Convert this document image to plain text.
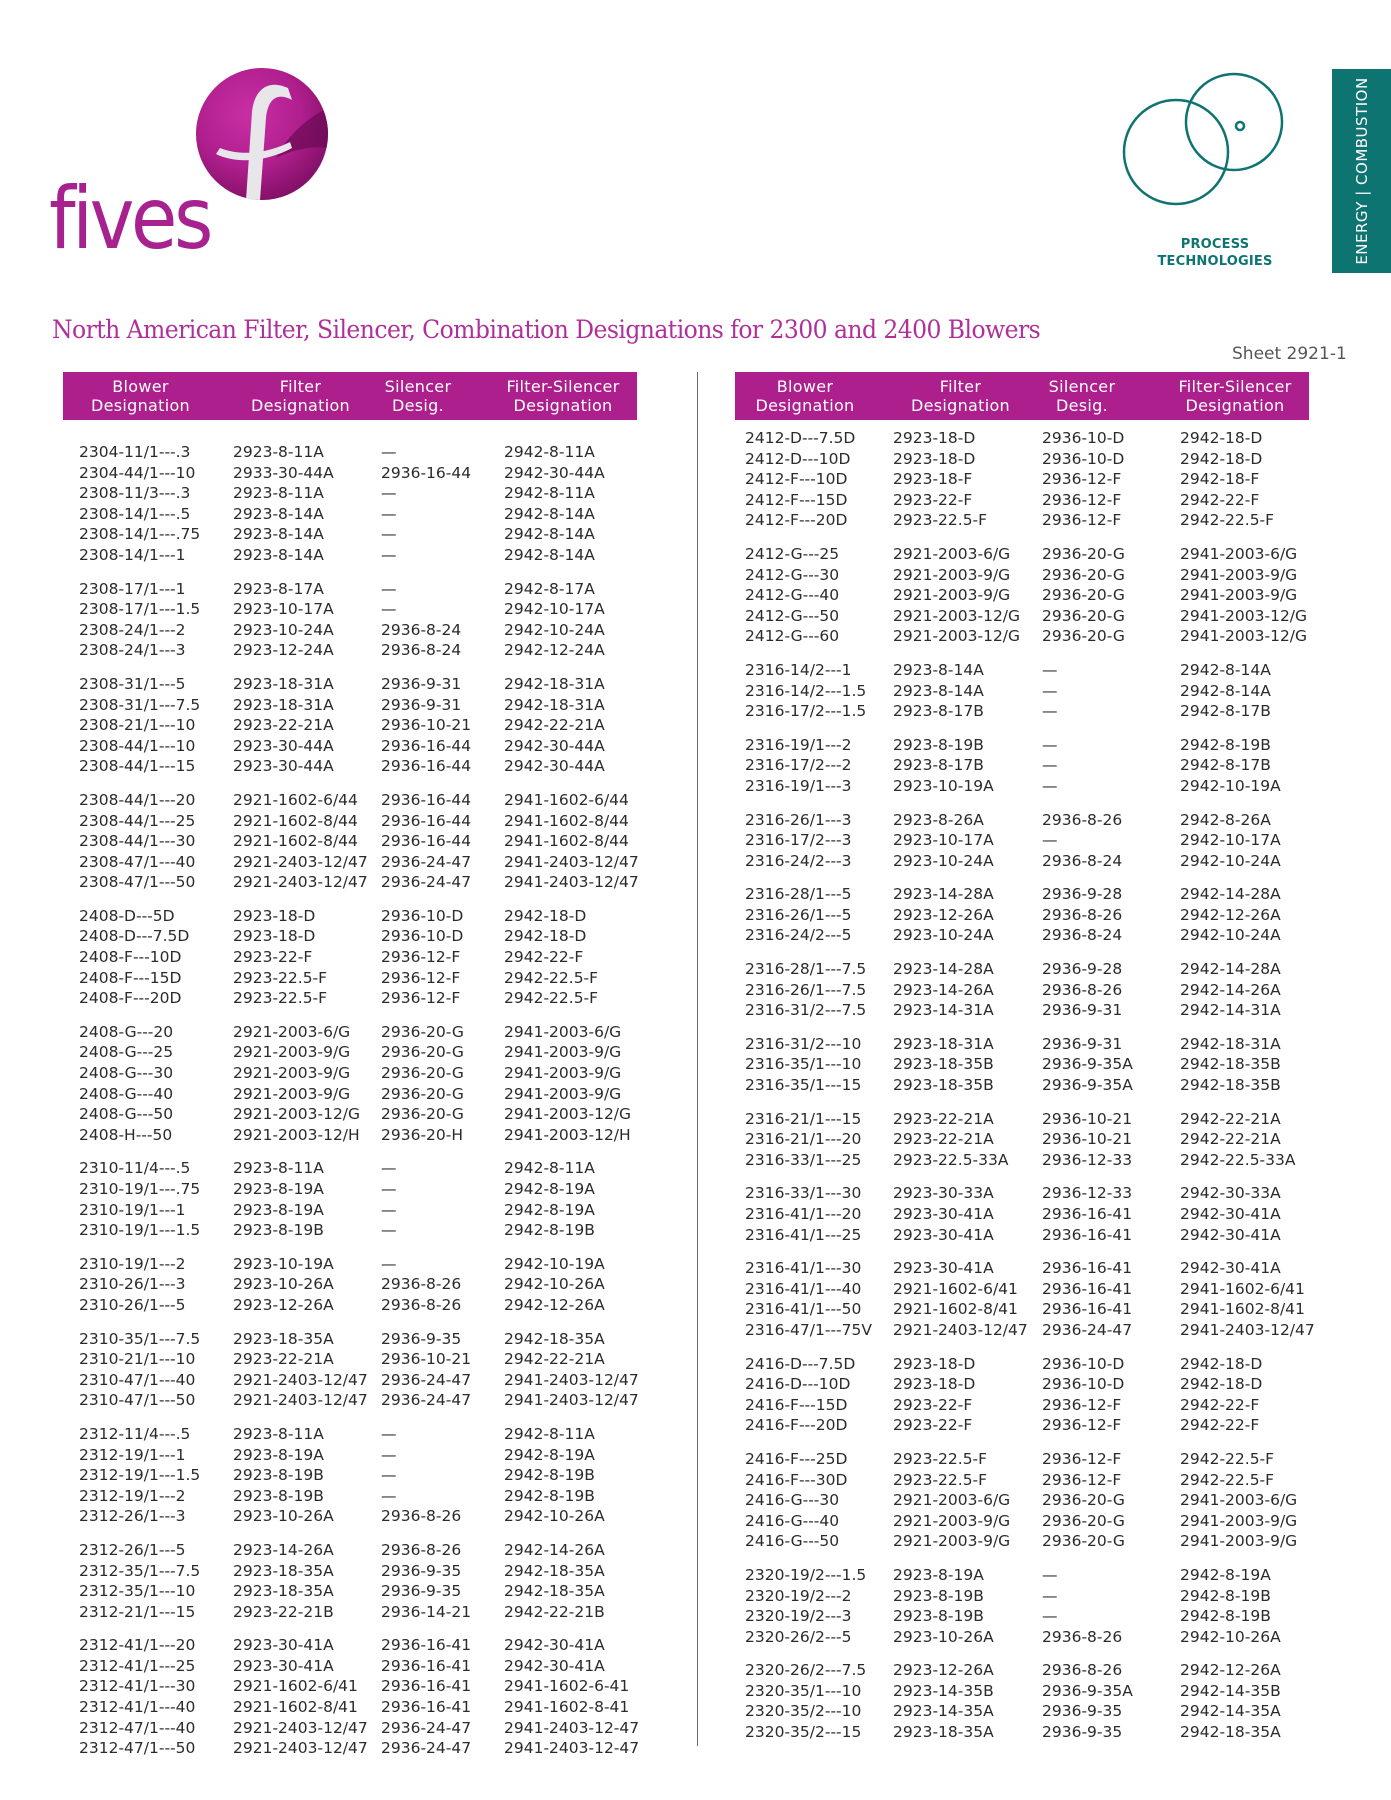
fives	PROCESS
TECHNOLOGIES	ENERGY | COMBUSTION
North American Filter, Silencer, Combination Designations for 2300 and 2400 Blowers
Sheet 2921-1
Blower
Designation
Filter
Designation
Silencer
Desig.
Filter-Silencer
Designation
2304-11/1---.3	2923-8-11A	—	2942-8-11A
2304-44/1---10 2933-30-44A	2936-16-44 2942-30-44A
2308-11/3---.3	2923-8-11A	—	2942-8-11A
2308-14/1---.5	2923-8-14A	—	2942-8-14A
2308-14/1---.75 2923-8-14A	—	2942-8-14A
2308-14/1---1	2923-8-14A	—	2942-8-14A
2308-17/1---1	2923-8-17A	—	2942-8-17A
2308-17/1---1.5 2923-10-17A	—	2942-10-17A
2308-24/1---2	2923-10-24A	2936-8-24	2942-10-24A
2308-24/1---3	2923-12-24A	2936-8-24	2942-12-24A
2308-31/1---5	2923-18-31A	2936-9-31	2942-18-31A
2308-31/1---7.5 2923-18-31A	2936-9-31	2942-18-31A
2308-21/1---10 2923-22-21A	2936-10-21 2942-22-21A
2308-44/1---10 2923-30-44A	2936-16-44 2942-30-44A
2308-44/1---15 2923-30-44A	2936-16-44 2942-30-44A
2308-44/1---20 2921-1602-6/44 2936-16-44 2941-1602-6/44
2308-44/1---25 2921-1602-8/44 2936-16-44 2941-1602-8/44
2308-44/1---30 2921-1602-8/44 2936-16-44 2941-1602-8/44
2308-47/1---40 2921-2403-12/47 2936-24-47 2941-2403-12/47
2308-47/1---50 2921-2403-12/47 2936-24-47 2941-2403-12/47
2408-D---5D	2923-18-D	2936-10-D	2942-18-D
2408-D---7.5D	2923-18-D	2936-10-D	2942-18-D
2408-F---10D	2923-22-F	2936-12-F	2942-22-F
2408-F---15D	2923-22.5-F	2936-12-F	2942-22.5-F
2408-F---20D	2923-22.5-F	2936-12-F	2942-22.5-F
2408-G---20	2921-2003-6/G 2936-20-G	2941-2003-6/G
2408-G---25	2921-2003-9/G 2936-20-G	2941-2003-9/G
2408-G---30	2921-2003-9/G 2936-20-G	2941-2003-9/G
2408-G---40	2921-2003-9/G 2936-20-G	2941-2003-9/G
2408-G---50	2921-2003-12/G 2936-20-G	2941-2003-12/G
2408-H---50	2921-2003-12/H 2936-20-H	2941-2003-12/H
2310-11/4---.5	2923-8-11A	—	2942-8-11A
2310-19/1---.75 2923-8-19A	—	2942-8-19A
2310-19/1---1	2923-8-19A	—	2942-8-19A
2310-19/1---1.5 2923-8-19B	—	2942-8-19B
2310-19/1---2	2923-10-19A	—	2942-10-19A
2310-26/1---3	2923-10-26A	2936-8-26	2942-10-26A
2310-26/1---5	2923-12-26A	2936-8-26	2942-12-26A
2310-35/1---7.5 2923-18-35A	2936-9-35	2942-18-35A
2310-21/1---10 2923-22-21A	2936-10-21 2942-22-21A
2310-47/1---40 2921-2403-12/47 2936-24-47 2941-2403-12/47
2310-47/1---50 2921-2403-12/47 2936-24-47 2941-2403-12/47
2312-11/4---.5	2923-8-11A	—	2942-8-11A
2312-19/1---1	2923-8-19A	—	2942-8-19A
2312-19/1---1.5 2923-8-19B	—	2942-8-19B
2312-19/1---2	2923-8-19B	—	2942-8-19B
2312-26/1---3	2923-10-26A	2936-8-26	2942-10-26A
2312-26/1---5	2923-14-26A	2936-8-26	2942-14-26A
2312-35/1---7.5 2923-18-35A	2936-9-35	2942-18-35A
2312-35/1---10 2923-18-35A	2936-9-35	2942-18-35A
2312-21/1---15 2923-22-21B	2936-14-21 2942-22-21B
2312-41/1---20 2923-30-41A	2936-16-41 2942-30-41A
2312-41/1---25 2923-30-41A	2936-16-41 2942-30-41A
2312-41/1---30 2921-1602-6/41 2936-16-41 2941-1602-6-41
2312-41/1---40 2921-1602-8/41 2936-16-41 2941-1602-8-41
2312-47/1---40 2921-2403-12/47 2936-24-47 2941-2403-12-47
2312-47/1---50 2921-2403-12/47 2936-24-47 2941-2403-12-47
Blower
Designation
Filter
Designation
Silencer
Desig.
Filter-Silencer
Designation
2412-D---7.5D 2923-18-D	2936-10-D	2942-18-D
2412-D---10D	2923-18-D	2936-10-D	2942-18-D
2412-F---10D	2923-18-F	2936-12-F	2942-18-F
2412-F---15D	2923-22-F	2936-12-F	2942-22-F
2412-F---20D	2923-22.5-F	2936-12-F	2942-22.5-F
2412-G---25	2921-2003-6/G 2936-20-G	2941-2003-6/G
2412-G---30	2921-2003-9/G 2936-20-G	2941-2003-9/G
2412-G---40	2921-2003-9/G 2936-20-G	2941-2003-9/G
2412-G---50	2921-2003-12/G 2936-20-G	2941-2003-12/G
2412-G---60	2921-2003-12/G 2936-20-G	2941-2003-12/G
2316-14/2---1	2923-8-14A	—	2942-8-14A
2316-14/2---1.5 2923-8-14A	—	2942-8-14A
2316-17/2---1.5 2923-8-17B	—	2942-8-17B
2316-19/1---2	2923-8-19B	—	2942-8-19B
2316-17/2---2	2923-8-17B	—	2942-8-17B
2316-19/1---3	2923-10-19A	—	2942-10-19A
2316-26/1---3	2923-8-26A	2936-8-26	2942-8-26A
2316-17/2---3	2923-10-17A	—	2942-10-17A
2316-24/2---3	2923-10-24A	2936-8-24	2942-10-24A
2316-28/1---5	2923-14-28A	2936-9-28	2942-14-28A
2316-26/1---5	2923-12-26A	2936-8-26	2942-12-26A
2316-24/2---5	2923-10-24A	2936-8-24	2942-10-24A
2316-28/1---7.5 2923-14-28A	2936-9-28	2942-14-28A
2316-26/1---7.5 2923-14-26A	2936-8-26	2942-14-26A
2316-31/2---7.5 2923-14-31A	2936-9-31	2942-14-31A
2316-31/2---10 2923-18-31A	2936-9-31	2942-18-31A
2316-35/1---10 2923-18-35B	2936-9-35A	2942-18-35B
2316-35/1---15 2923-18-35B	2936-9-35A	2942-18-35B
2316-21/1---15 2923-22-21A	2936-10-21	2942-22-21A
2316-21/1---20 2923-22-21A	2936-10-21	2942-22-21A
2316-33/1---25 2923-22.5-33A 2936-12-33	2942-22.5-33A
2316-33/1---30 2923-30-33A	2936-12-33	2942-30-33A
2316-41/1---20 2923-30-41A	2936-16-41	2942-30-41A
2316-41/1---25 2923-30-41A	2936-16-41	2942-30-41A
2316-41/1---30 2923-30-41A	2936-16-41	2942-30-41A
2316-41/1---40 2921-1602-6/41 2936-16-41	2941-1602-6/41
2316-41/1---50 2921-1602-8/41 2936-16-41	2941-1602-8/41
2316-47/1---75V 2921-2403-12/47 2936-24-47	2941-2403-12/47
2416-D---7.5D 2923-18-D	2936-10-D	2942-18-D
2416-D---10D	2923-18-D	2936-10-D	2942-18-D
2416-F---15D	2923-22-F	2936-12-F	2942-22-F
2416-F---20D	2923-22-F	2936-12-F	2942-22-F
2416-F---25D	2923-22.5-F	2936-12-F	2942-22.5-F
2416-F---30D	2923-22.5-F	2936-12-F	2942-22.5-F
2416-G---30	2921-2003-6/G 2936-20-G	2941-2003-6/G
2416-G---40	2921-2003-9/G 2936-20-G	2941-2003-9/G
2416-G---50	2921-2003-9/G 2936-20-G	2941-2003-9/G
2320-19/2---1.5 2923-8-19A	—	2942-8-19A
2320-19/2---2	2923-8-19B	—	2942-8-19B
2320-19/2---3	2923-8-19B	—	2942-8-19B
2320-26/2---5	2923-10-26A	2936-8-26	2942-10-26A
2320-26/2---7.5 2923-12-26A	2936-8-26	2942-12-26A
2320-35/1---10 2923-14-35B	2936-9-35A	2942-14-35B
2320-35/2---10 2923-14-35A	2936-9-35	2942-14-35A
2320-35/2---15 2923-18-35A	2936-9-35	2942-18-35A
